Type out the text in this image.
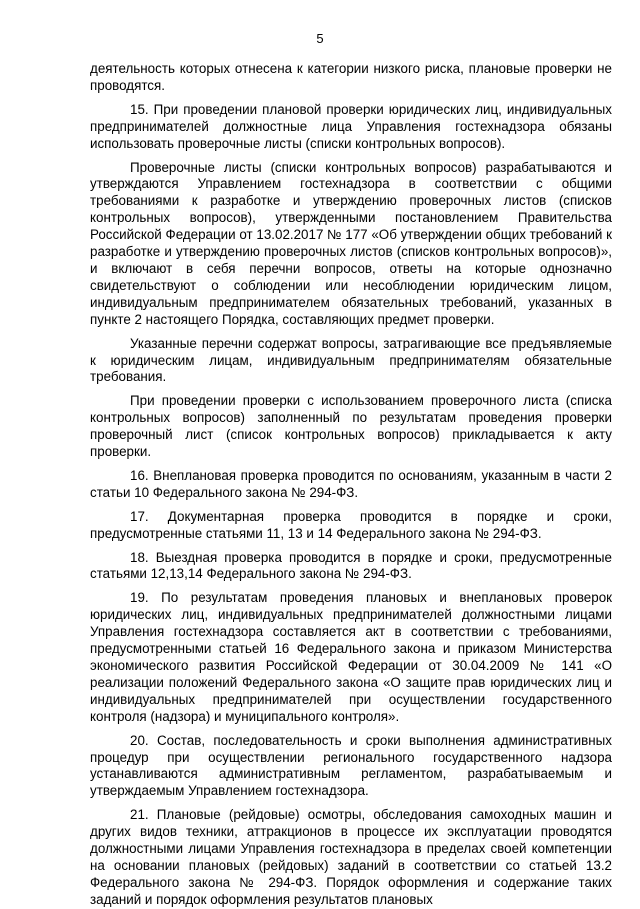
5

деятельность которых отнесена к категории низкого риска, плановые проверки не проводятся.

15. При проведении плановой проверки юридических лиц, индивидуальных предпринимателей должностные лица Управления гостехнадзора обязаны использовать проверочные листы (списки контрольных вопросов).

Проверочные листы (списки контрольных вопросов) разрабатываются и утверждаются Управлением гостехнадзора в соответствии с общими требованиями к разработке и утверждению проверочных листов (списков контрольных вопросов), утвержденными постановлением Правительства Российской Федерации от 13.02.2017 № 177 «Об утверждении общих требований к разработке и утверждению проверочных листов (списков контрольных вопросов)», и включают в себя перечни вопросов, ответы на которые однозначно свидетельствуют о соблюдении или несоблюдении юридическим лицом, индивидуальным предпринимателем обязательных требований, указанных в пункте 2 настоящего Порядка, составляющих предмет проверки.

Указанные перечни содержат вопросы, затрагивающие все предъявляемые к юридическим лицам, индивидуальным предпринимателям обязательные требования.

При проведении проверки с использованием проверочного листа (списка контрольных вопросов) заполненный по результатам проведения проверки проверочный лист (список контрольных вопросов) прикладывается к акту проверки.

16. Внеплановая проверка проводится по основаниям, указанным в части 2 статьи 10 Федерального закона № 294-ФЗ.

17. Документарная проверка проводится в порядке и сроки, предусмотренные статьями 11, 13 и 14 Федерального закона № 294-ФЗ.

18. Выездная проверка проводится в порядке и сроки, предусмотренные статьями 12,13,14 Федерального закона № 294-ФЗ.

19. По результатам проведения плановых и внеплановых проверок юридических лиц, индивидуальных предпринимателей должностными лицами Управления гостехнадзора составляется акт в соответствии с требованиями, предусмотренными статьей 16 Федерального закона и приказом Министерства экономического развития Российской Федерации от 30.04.2009 № 141 «О реализации положений Федерального закона «О защите прав юридических лиц и индивидуальных предпринимателей при осуществлении государственного контроля (надзора) и муниципального контроля».

20. Состав, последовательность и сроки выполнения административных процедур при осуществлении регионального государственного надзора устанавливаются административным регламентом, разрабатываемым и утверждаемым Управлением гостехнадзора.

21. Плановые (рейдовые) осмотры, обследования самоходных машин и других видов техники, аттракционов в процессе их эксплуатации проводятся должностными лицами Управления гостехнадзора в пределах своей компетенции на основании плановых (рейдовых) заданий в соответствии со статьей 13.2 Федерального закона № 294-ФЗ. Порядок оформления и содержание таких заданий и порядок оформления результатов плановых
